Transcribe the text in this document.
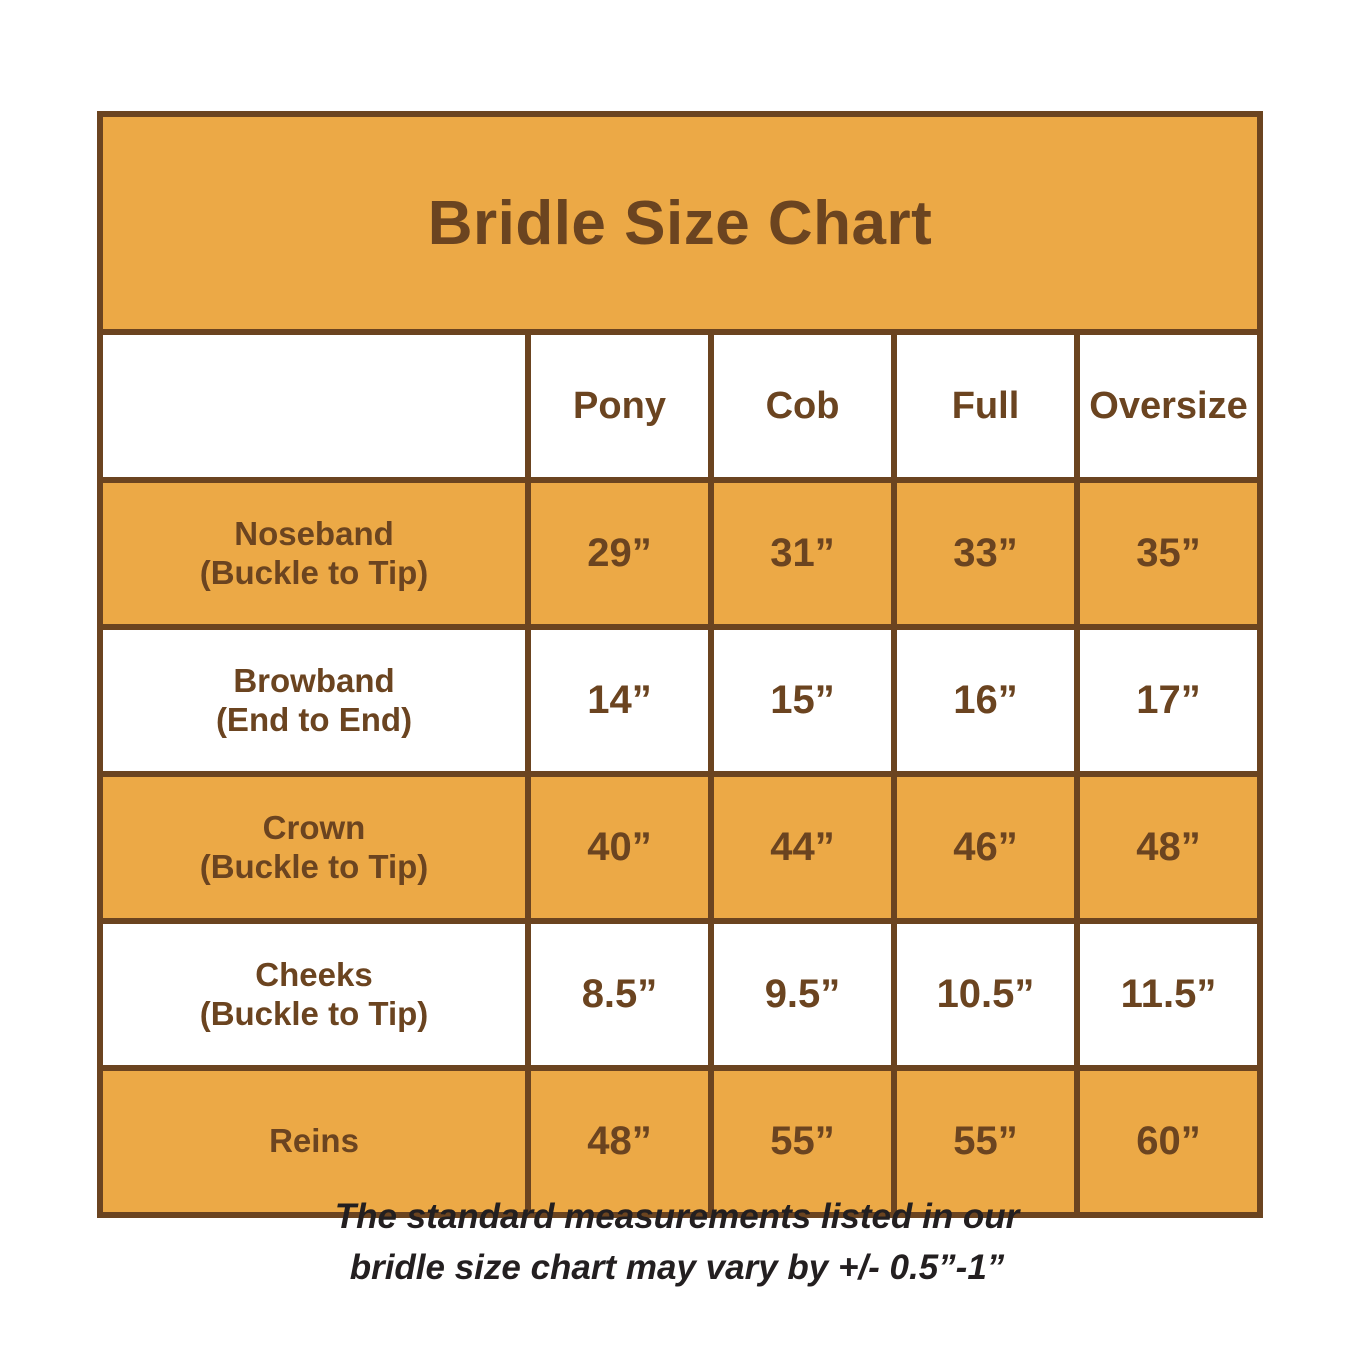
Bridle Size Chart				
	Pony	Cob	Full	Oversize

Noseband
(Buckle to Tip)	29”	31”	33”	35”

Browband
(End to End)	14”	15”	16”	17”

Crown
(Buckle to Tip)	40”	44”	46”	48”

Cheeks
(Buckle to Tip)	8.5”	9.5”	10.5”	11.5”

Reins	48”	55”	55”	60”
The standard measurements listed in our
bridle size chart may vary by +/- 0.5”-1”
